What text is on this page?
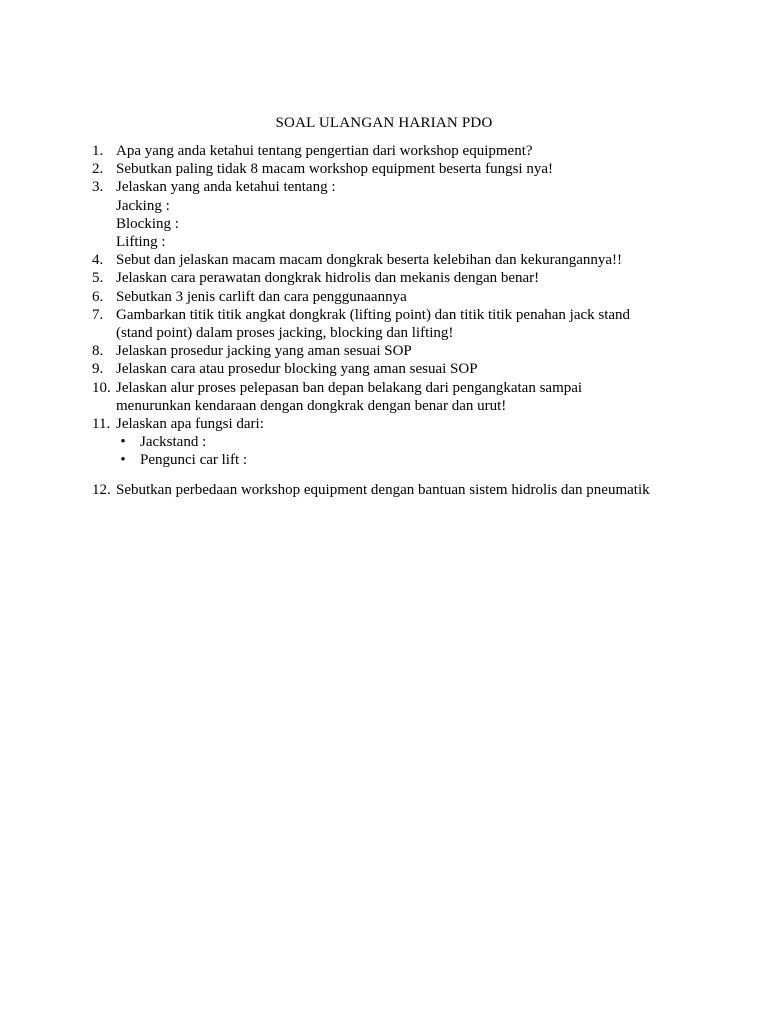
SOAL ULANGAN HARIAN PDO
1. Apa yang anda ketahui tentang pengertian dari workshop equipment?
2. Sebutkan paling tidak 8 macam workshop equipment beserta fungsi nya!
3. Jelaskan yang anda ketahui tentang :
Jacking :
Blocking :
Lifting :
4. Sebut dan jelaskan macam macam dongkrak beserta kelebihan dan kekurangannya!!
5. Jelaskan cara perawatan dongkrak hidrolis dan mekanis dengan benar!
6. Sebutkan 3 jenis carlift dan cara penggunaannya
7. Gambarkan titik titik angkat dongkrak (lifting point) dan titik titik penahan jack stand
(stand point) dalam proses jacking, blocking dan lifting!
8. Jelaskan prosedur jacking yang aman sesuai SOP
9. Jelaskan cara atau prosedur blocking yang aman sesuai SOP
10. Jelaskan alur proses pelepasan ban depan belakang dari pengangkatan sampai
menurunkan kendaraan dengan dongkrak dengan benar dan urut!
11. Jelaskan apa fungsi dari:
• Jackstand :
• Pengunci car lift :
12. Sebutkan perbedaan workshop equipment dengan bantuan sistem hidrolis dan pneumatik
